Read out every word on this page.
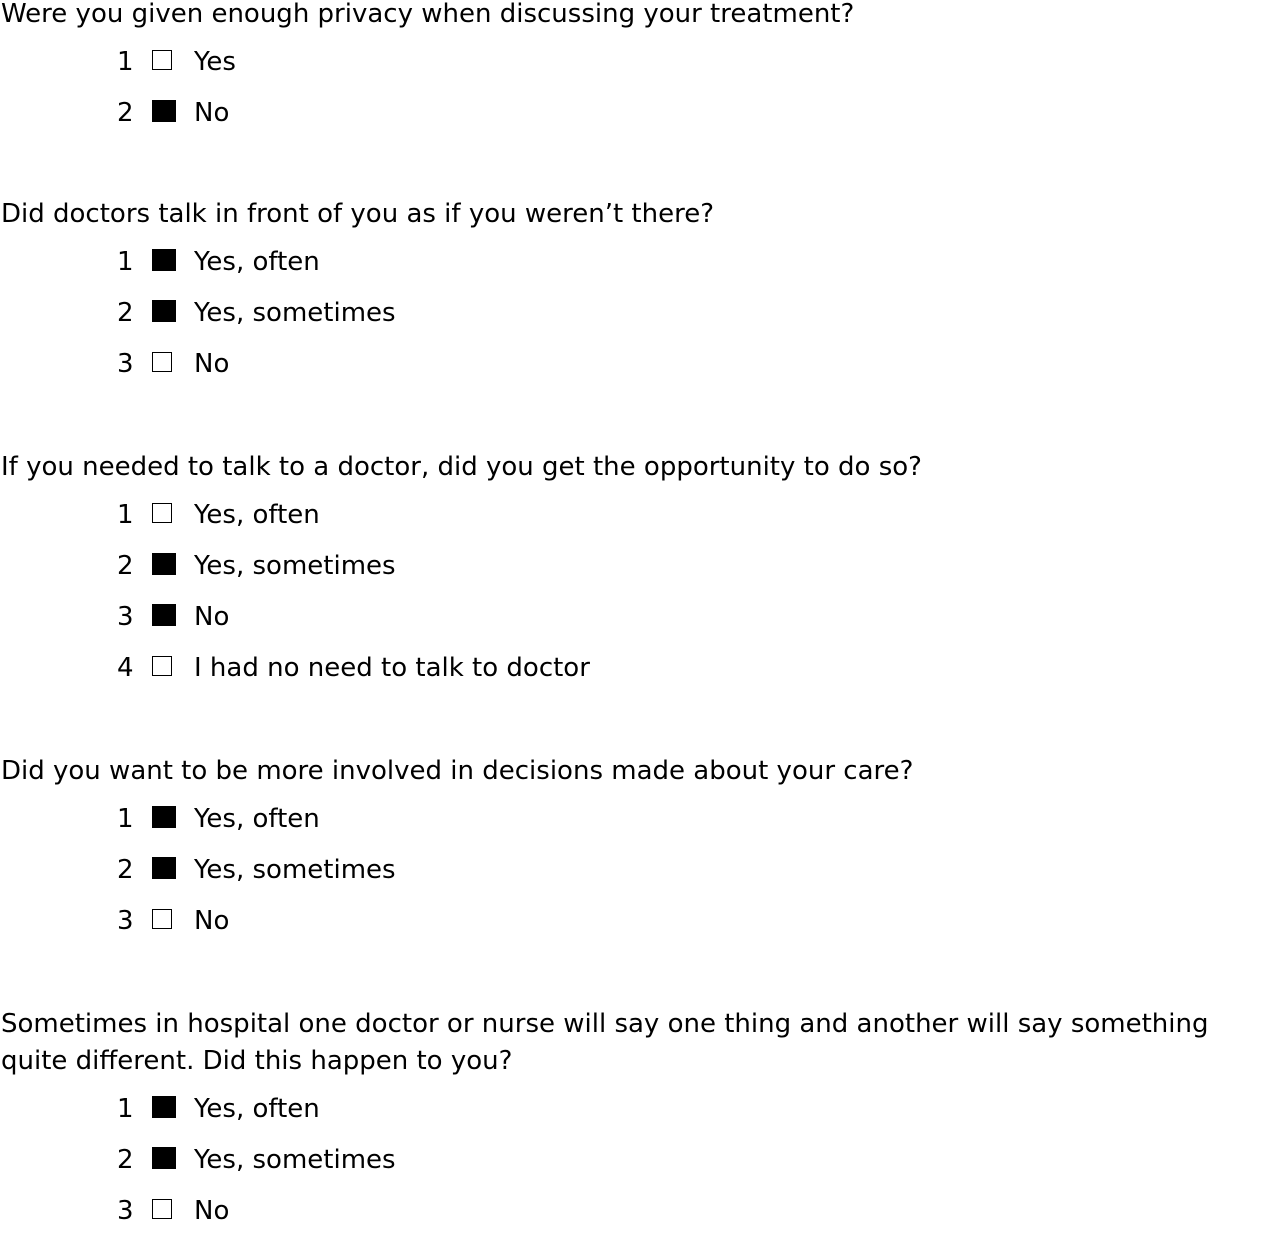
Were you given enough privacy when discussing your treatment?

1 Yes
2 No

Did doctors talk in front of you as if you weren’t there?

1 Yes, often
2 Yes, sometimes
3 No

If you needed to talk to a doctor, did you get the opportunity to do so?

1 Yes, often
2 Yes, sometimes
3 No
4 I had no need to talk to doctor

Did you want to be more involved in decisions made about your care?

1 Yes, often
2 Yes, sometimes
3 No

Sometimes in hospital one doctor or nurse will say one thing and another will say something quite different. Did this happen to you?

1 Yes, often
2 Yes, sometimes
3 No
